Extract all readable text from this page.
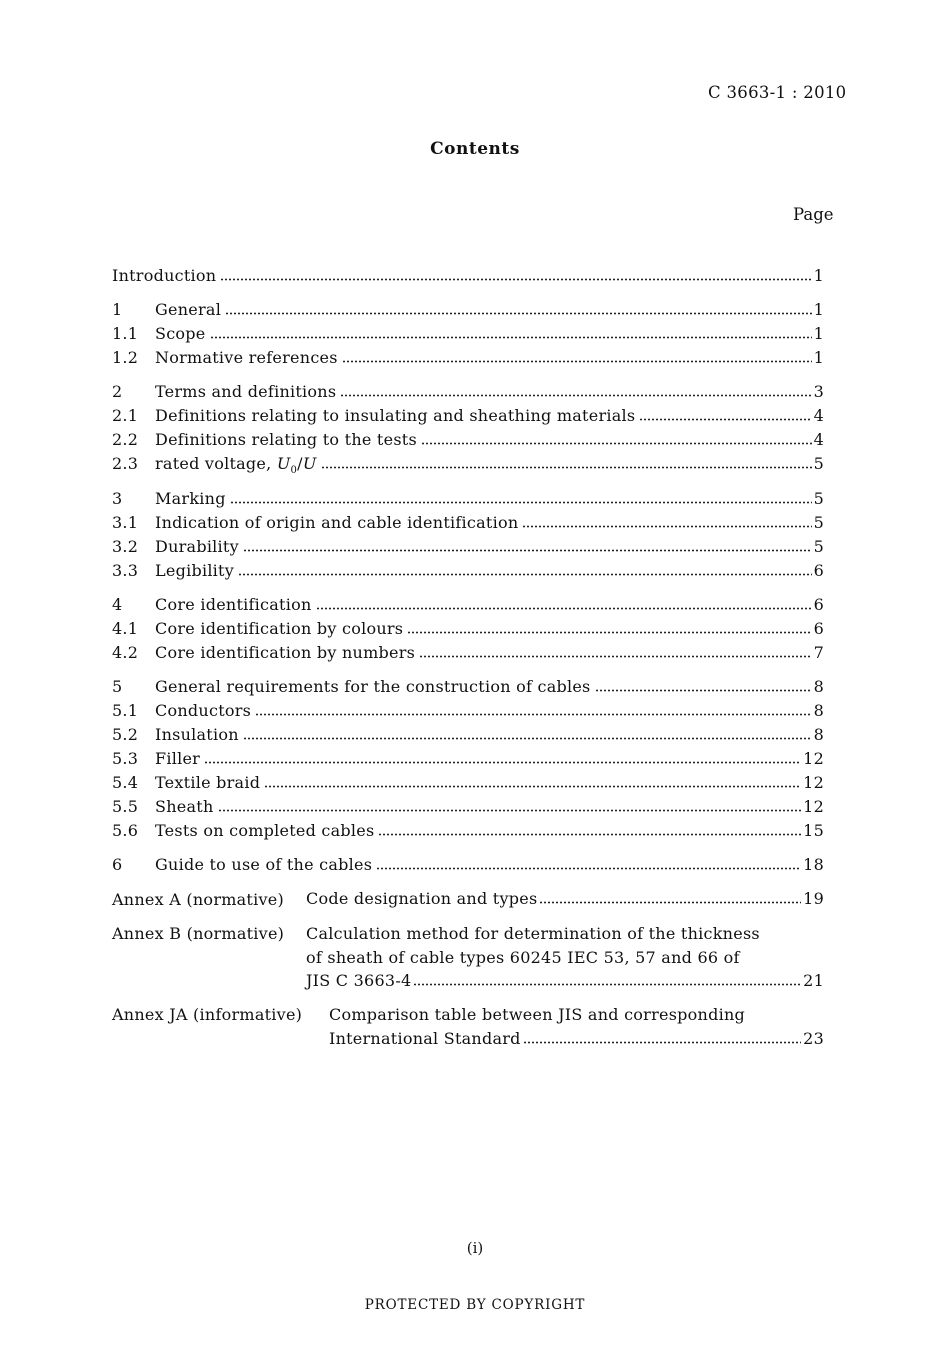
C 3663-1 : 2010
Contents
Page
Introduction	1
1	General	1
1.1	Scope	1
1.2	Normative references	1
2	Terms and definitions	3
2.1	Definitions relating to insulating and sheathing materials	4
2.2	Definitions relating to the tests	4
2.3	rated voltage, $U_0/U$	5
3	Marking	5
3.1	Indication of origin and cable identification	5
3.2	Durability	5
3.3	Legibility	6
4	Core identification	6
4.1	Core identification by colours	6
4.2	Core identification by numbers	7
5	General requirements for the construction of cables	8
5.1	Conductors	8
5.2	Insulation	8
5.3	Filler	12
5.4	Textile braid	12
5.5	Sheath	12
5.6	Tests on completed cables	15
6	Guide to use of the cables	18
Annex A (normative) Code designation and types	19
Annex B (normative) Calculation method for determination of the thickness
of sheath of cable types 60245 IEC 53, 57 and 66 of
JIS C 3663-4	21
Annex JA (informative) Comparison table between JIS and corresponding
International Standard	23
(i)
PROTECTED BY COPYRIGHT
